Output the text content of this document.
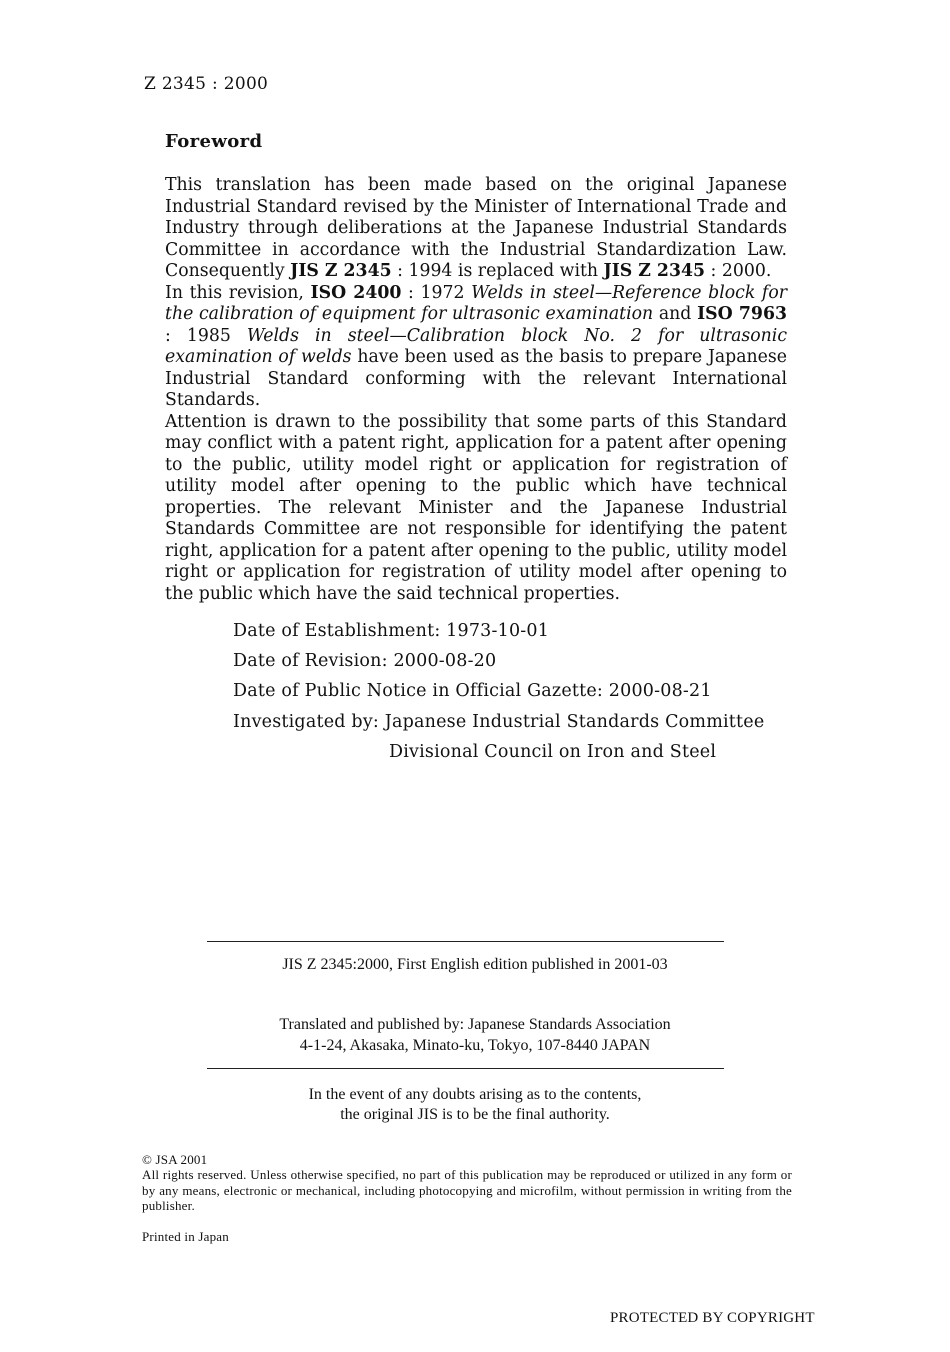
Z 2345 : 2000
Foreword

This translation has been made based on the original Japanese Industrial Standard revised by the Minister of International Trade and Industry through deliberations at the Japanese Industrial Standards Committee in accordance with the Industrial Standardization Law. Consequently JIS Z 2345 : 1994 is replaced with JIS Z 2345 : 2000.

In this revision, ISO 2400 : 1972 Welds in steel—Reference block for the calibration of equipment for ultrasonic examination and ISO 7963 : 1985 Welds in steel—Calibration block No. 2 for ultrasonic examination of welds have been used as the basis to prepare Japanese Industrial Standard conforming with the relevant International Standards.

Attention is drawn to the possibility that some parts of this Standard may conflict with a patent right, application for a patent after opening to the public, utility model right or application for registration of utility model after opening to the public which have technical properties. The relevant Minister and the Japanese Industrial Standards Committee are not responsible for identifying the patent right, application for a patent after opening to the public, utility model right or application for registration of utility model after opening to the public which have the said technical properties.

Date of Establishment: 1973-10-01
Date of Revision: 2000-08-20
Date of Public Notice in Official Gazette: 2000-08-21
Investigated by: Japanese Industrial Standards Committee
Divisional Council on Iron and Steel
JIS Z 2345:2000, First English edition published in 2001-03
Translated and published by: Japanese Standards Association
4-1-24, Akasaka, Minato-ku, Tokyo, 107-8440 JAPAN
In the event of any doubts arising as to the contents,
the original JIS is to be the final authority.
© JSA 2001
All rights reserved. Unless otherwise specified, no part of this publication may be reproduced or utilized in any form or by any means, electronic or mechanical, including photocopying and microfilm, without permission in writing from the publisher.
Printed in Japan
PROTECTED BY COPYRIGHT
